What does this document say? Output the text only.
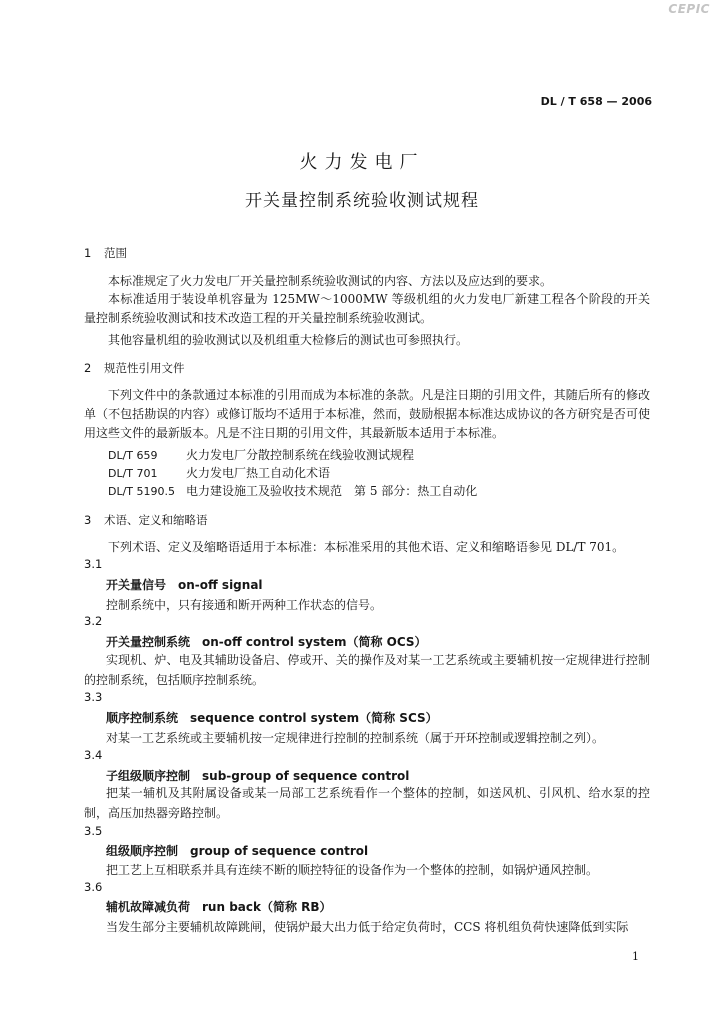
CEPIC
DL / T 658 — 2006
火力发电厂
开关量控制系统验收测试规程
1 范围
本标准规定了火力发电厂开关量控制系统验收测试的内容、方法以及应达到的要求。
本标准适用于装设单机容量为 125MW～1000MW 等级机组的火力发电厂新建工程各个阶段的开关量控制系统验收测试和技术改造工程的开关量控制系统验收测试。
其他容量机组的验收测试以及机组重大检修后的测试也可参照执行。
2 规范性引用文件
下列文件中的条款通过本标准的引用而成为本标准的条款。凡是注日期的引用文件，其随后所有的修改单（不包括勘误的内容）或修订版均不适用于本标准，然而，鼓励根据本标准达成协议的各方研究是否可使用这些文件的最新版本。凡是不注日期的引用文件，其最新版本适用于本标准。
DL/T 659 火力发电厂分散控制系统在线验收测试规程
DL/T 701 火力发电厂热工自动化术语
DL/T 5190.5 电力建设施工及验收技术规范　第 5 部分：热工自动化
3 术语、定义和缩略语
下列术语、定义及缩略语适用于本标准：本标准采用的其他术语、定义和缩略语参见 DL/T 701。
3.1
开关量信号 on-off signal
控制系统中，只有接通和断开两种工作状态的信号。
3.2
开关量控制系统 on-off control system（简称 OCS）
实现机、炉、电及其辅助设备启、停或开、关的操作及对某一工艺系统或主要辅机按一定规律进行控制的控制系统，包括顺序控制系统。
3.3
顺序控制系统 sequence control system（简称 SCS）
对某一工艺系统或主要辅机按一定规律进行控制的控制系统（属于开环控制或逻辑控制之列）。
3.4
子组级顺序控制 sub-group of sequence control
把某一辅机及其附属设备或某一局部工艺系统看作一个整体的控制，如送风机、引风机、给水泵的控制，高压加热器旁路控制。
3.5
组级顺序控制 group of sequence control
把工艺上互相联系并具有连续不断的顺控特征的设备作为一个整体的控制，如锅炉通风控制。
3.6
辅机故障减负荷 run back（简称 RB）
当发生部分主要辅机故障跳闸，使锅炉最大出力低于给定负荷时，CCS 将机组负荷快速降低到实际
1
